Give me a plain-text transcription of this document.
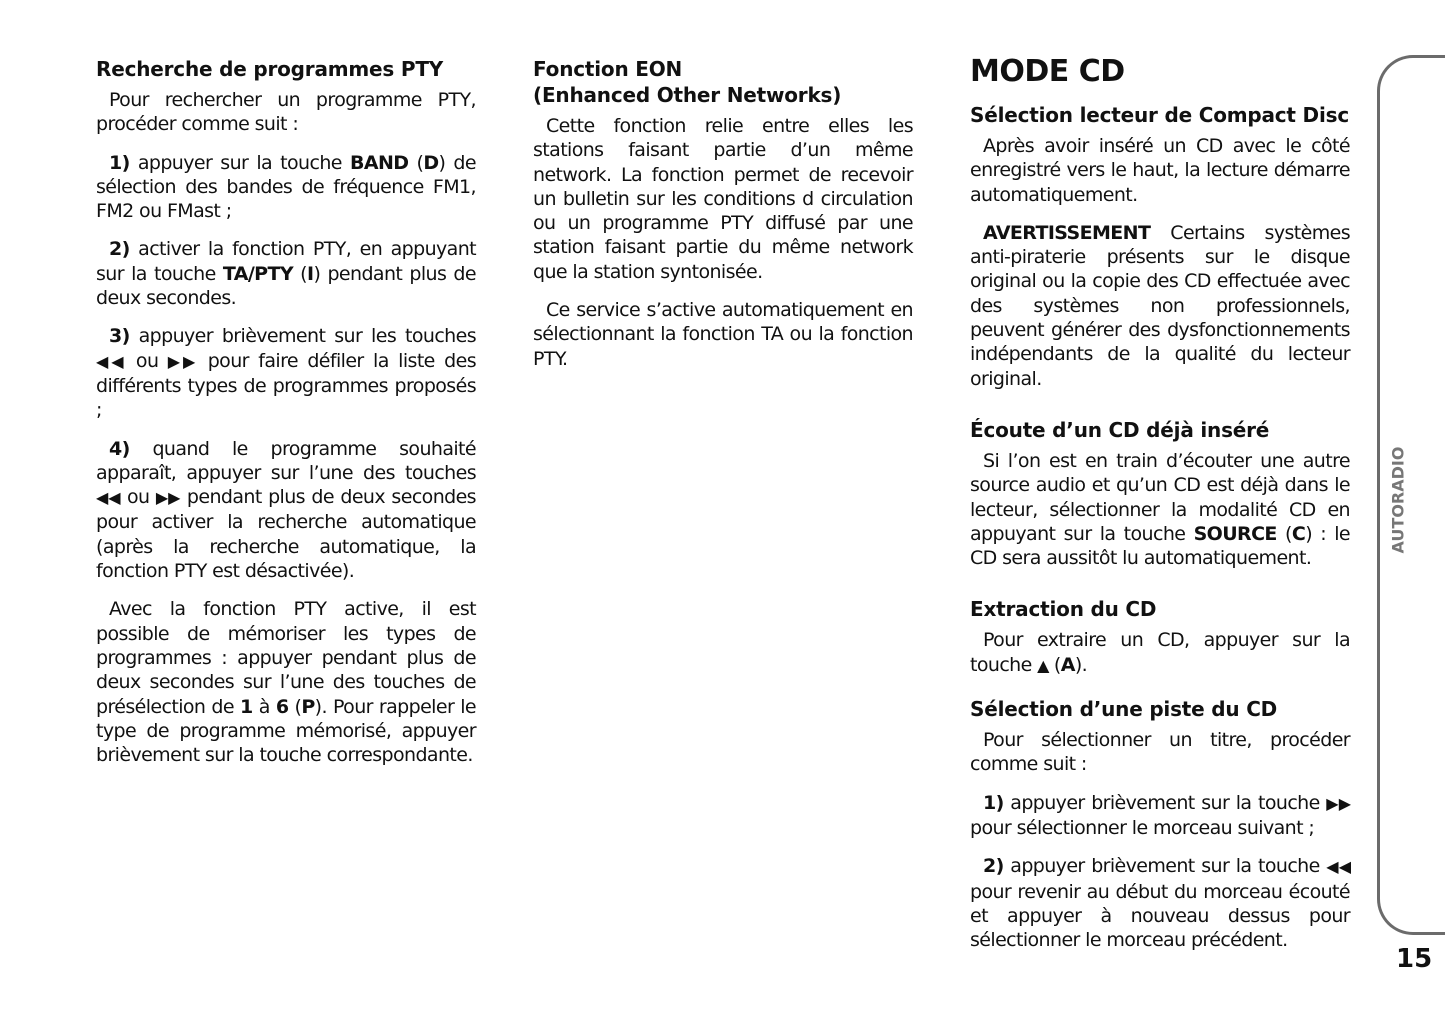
Recherche de programmes PTY

Pour rechercher un programme PTY, procéder comme suit :

1) appuyer sur la touche BAND (D) de sélection des bandes de fréquence FM1, FM2 ou FMast ;

2) activer la fonction PTY, en appuyant sur la touche TA/PTY (I) pendant plus de deux secondes.

3) appuyer brièvement sur les touches ◀◀ ou ▶▶ pour faire défiler la liste des différents types de programmes proposés ;

4) quand le programme souhaité apparaît, appuyer sur l’une des touches ◀◀ ou ▶▶ pendant plus de deux secondes pour activer la recherche automatique (après la recherche automatique, la fonction PTY est désactivée).

Avec la fonction PTY active, il est possible de mémoriser les types de programmes : appuyer pendant plus de deux secondes sur l’une des touches de présélection de 1 à 6 (P). Pour rappeler le type de programme mémorisé, appuyer brièvement sur la touche correspondante.

Fonction EON
(Enhanced Other Networks)

Cette fonction relie entre elles les stations faisant partie d’un même network. La fonction permet de recevoir un bulletin sur les conditions d circulation ou un programme PTY diffusé par une station faisant partie du même network que la station syntonisée.

Ce service s’active automatiquement en sélectionnant la fonction TA ou la fonction PTY.

MODE CD
Sélection lecteur de Compact Disc

Après avoir inséré un CD avec le côté enregistré vers le haut, la lecture démarre automatiquement.

AVERTISSEMENT Certains systèmes anti-piraterie présents sur le disque original ou la copie des CD effectuée avec des systèmes non professionnels, peuvent générer des dysfonctionnements indépendants de la qualité du lecteur original.

Écoute d’un CD déjà inséré

Si l’on est en train d’écouter une autre source audio et qu’un CD est déjà dans le lecteur, sélectionner la modalité CD en appuyant sur la touche SOURCE (C) : le CD sera aussitôt lu automatiquement.

Extraction du CD

Pour extraire un CD, appuyer sur la touche ▲ (A).

Sélection d’une piste du CD

Pour sélectionner un titre, procéder comme suit :

1) appuyer brièvement sur la touche ▶▶ pour sélectionner le morceau suivant ;

2) appuyer brièvement sur la touche ◀◀ pour revenir au début du morceau écouté et appuyer à nouveau dessus pour sélectionner le morceau précédent.

AUTORADIO
15
